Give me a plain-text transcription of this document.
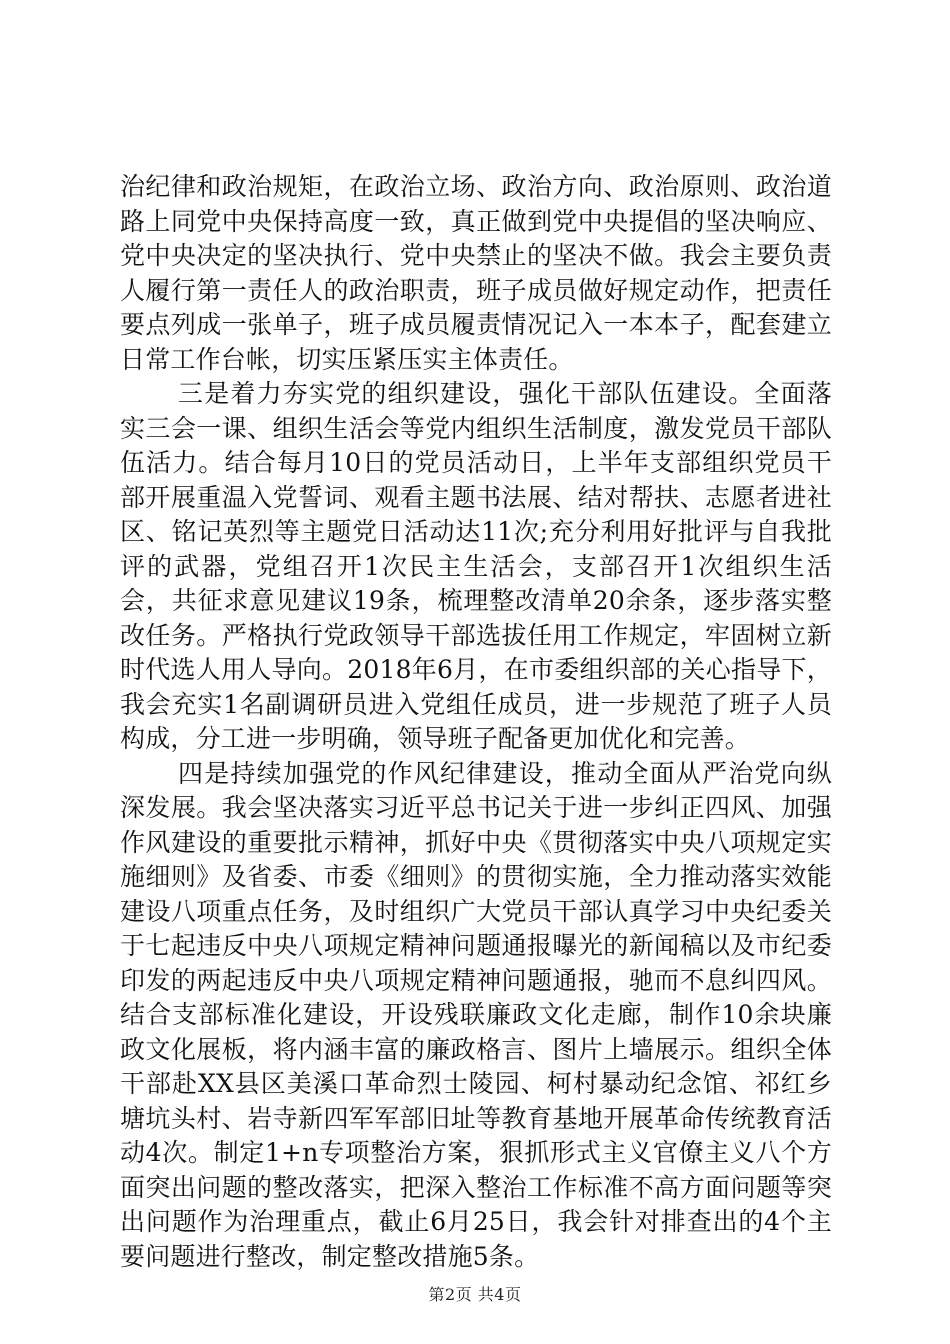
治纪律和政治规矩，在政治立场、政治方向、政治原则、政治道路上同党中央保持高度一致，真正做到党中央提倡的坚决响应、党中央决定的坚决执行、党中央禁止的坚决不做。我会主要负责人履行第一责任人的政治职责，班子成员做好规定动作，把责任要点列成一张单子，班子成员履责情况记入一本本子，配套建立日常工作台帐，切实压紧压实主体责任。

三是着力夯实党的组织建设，强化干部队伍建设。全面落实三会一课、组织生活会等党内组织生活制度，激发党员干部队伍活力。结合每月10日的党员活动日，上半年支部组织党员干部开展重温入党誓词、观看主题书法展、结对帮扶、志愿者进社区、铭记英烈等主题党日活动达11次;充分利用好批评与自我批评的武器，党组召开1次民主生活会，支部召开1次组织生活会，共征求意见建议19条，梳理整改清单20余条，逐步落实整改任务。严格执行党政领导干部选拔任用工作规定，牢固树立新时代选人用人导向。2018年6月，在市委组织部的关心指导下，我会充实1名副调研员进入党组任成员，进一步规范了班子人员构成，分工进一步明确，领导班子配备更加优化和完善。

四是持续加强党的作风纪律建设，推动全面从严治党向纵深发展。我会坚决落实习近平总书记关于进一步纠正四风、加强作风建设的重要批示精神，抓好中央《贯彻落实中央八项规定实施细则》及省委、市委《细则》的贯彻实施，全力推动落实效能建设八项重点任务，及时组织广大党员干部认真学习中央纪委关于七起违反中央八项规定精神问题通报曝光的新闻稿以及市纪委印发的两起违反中央八项规定精神问题通报，驰而不息纠四风。结合支部标准化建设，开设残联廉政文化走廊，制作10余块廉政文化展板，将内涵丰富的廉政格言、图片上墙展示。组织全体干部赴XX县区美溪口革命烈士陵园、柯村暴动纪念馆、祁红乡塘坑头村、岩寺新四军军部旧址等教育基地开展革命传统教育活动4次。制定1+n专项整治方案，狠抓形式主义官僚主义八个方面突出问题的整改落实，把深入整治工作标准不高方面问题等突出问题作为治理重点，截止6月25日，我会针对排查出的4个主要问题进行整改，制定整改措施5条。

第2页 共4页
